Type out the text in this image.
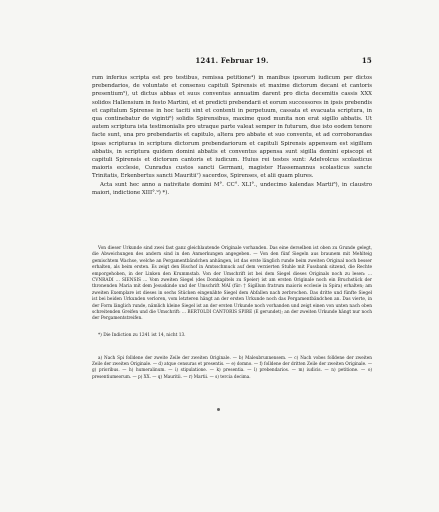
1241. Februar 19.	15

rum inferius scripta est pro testibus, remissa petitione⁴) in manibus ipsorum iudicum per dictos prebendarios, de voluntate et consensu capituli Spirensis et maxime dictorum decani et cantoris presentium⁵), ut dictus abbas et suus conventus annuatim darent pro dicta decemitis cassis XXX solidos Hallensium in festo Martini, et et predicti prebendarii et eorum successores in ipsis prebendis et capitulum Spirense in hoc taciti sint et contenti in perpetuum, cassata et evacuata scriptura, in qua continebatur de viginti⁶) solidis Spirensibus, maxime quod munita non erat sigillo abbatis. Ut autem scriptura ista testimonialis pro utraque parte valeat semper in futurum, due isto eodem tenore facte sunt, una pro prebendariis et capitulo, altera pro abbate et suo conventu, et ad corroborandas ipsas scripturas in scriptura dictorum prebendariorum et capituli Spirensis appensum est sigillum abbatis, in scriptura quidem domini abbatis et conventus appensa sunt sigilla domini episcopi et capituli Spirensis et dictorum cantoris et iudicum. Huius rei testes sunt: Adelvolcus scolasticus maioris ecclesie, Cunradus custos sancti Germani, magister Hassemannus scolasticus sancte Trinitatis, Erkenbertus sancti Mauritii⁷) sacerdos, Spirenses, et alii quam plures.

Acta sunt hec anno a nativitate domini M°. CC°. XLI°., undecimo kalendas Martii⁸), in claustro maiori, indictione XIII°.⁹) *).

Von dieser Urkunde sind zwei fast ganz gleichlautende Originale vorhanden. Das eine derselben ist oben zu Grunde gelegt, die Abweichungen des andern sind in den Anmerkungen angegeben. — Von den fünf Siegeln aus braunem mit Mehlteig gemischtem Wachse, welche an Pergamentbändchen anhängen, ist das erste länglich runde beim zweiten Original noch besser erhalten, als beim ersten. Es zeigt den Bischof in Amtsschmuck auf dem verzierten Stuhle mit Fussbank sitzend, die Rechte emporgehoben, in der Linken den Krummstab. Von der Umschrift ist bei dem Siegel dieses Originals noch zu lesen: ... CVNRADI ... SIENSIS ... Vom zweiten Siegel (des Domkapitels zu Speier) ist am ersten Originale noch ein Bruchstück der thronenden Maria mit dem Jesuskinde und der Umschrift MAI (für: † Sigillum fratrum maioris ecclesie in Spira) erhalten; am zweiten Exemplare ist dieses in sechs Stücken eingenähte Siegel dem Abfallen nach zerbrochen. Das dritte und fünfte Siegel ist bei beiden Urkunden verloren, vom letzteren hängt an der ersten Urkunde noch das Pergamentbändchen an. Das vierte, in der Form länglich runde, nämlich kleine Siegel ist an der ersten Urkunde noch vorhanden und zeigt einen von unten nach oben schreitenden Greifen und die Umschrift: ... BERTOLDI CANTORIS SPIRE (E gerundet); an der zweiten Urkunde hängt nur noch der Pergamentstreifen.

*) Die Indiction zu 1241 ist 14, nicht 13.

a) Nach Spi folldene der zweite Zeile der zweiten Originale. — b) Maleubrunnensem. — c) Nach vobes folldene der zweiten Zeile der zweiten Originale. — d) atque censuras et presentis. — e) domno. — f) folldene der dritten Zeile der zweiten Originale. — g) prioribus. — h) humeralinum. — i) stipulatione. — k) presentia. — l) prebendarios. — m) iudicis. — n) petitione. — o) presentiumeorum. — p) XX. — q) Mauritii. — r) Martii. — s) tercia decima.
